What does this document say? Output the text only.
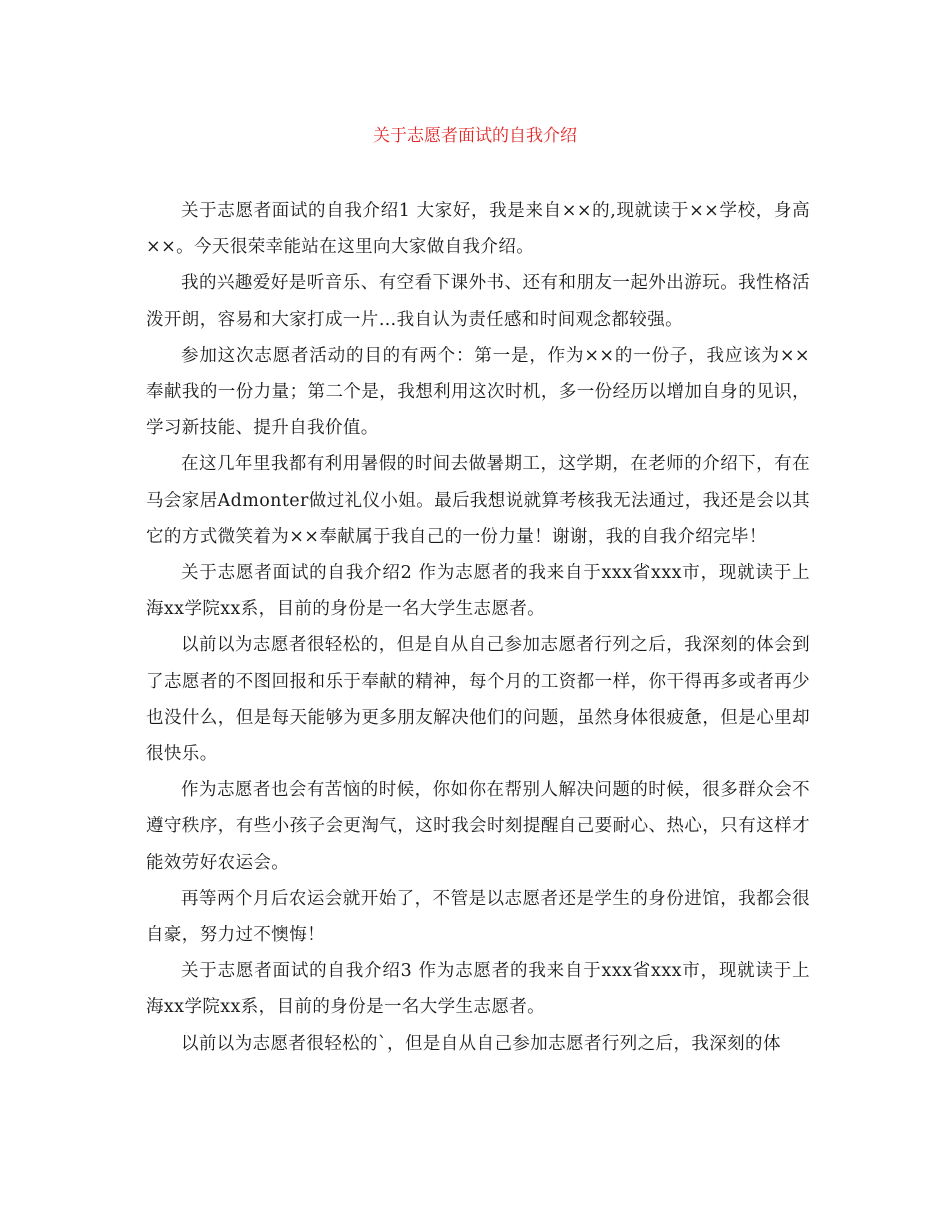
关于志愿者面试的自我介绍

关于志愿者面试的自我介绍1 大家好，我是来自××的,现就读于××学校，身高××。今天很荣幸能站在这里向大家做自我介绍。

我的兴趣爱好是听音乐、有空看下课外书、还有和朋友一起外出游玩。我性格活泼开朗，容易和大家打成一片…我自认为责任感和时间观念都较强。

参加这次志愿者活动的目的有两个：第一是，作为××的一份子，我应该为××奉献我的一份力量；第二个是，我想利用这次时机，多一份经历以增加自身的见识，学习新技能、提升自我价值。

在这几年里我都有利用暑假的时间去做暑期工，这学期，在老师的介绍下，有在马会家居Admonter做过礼仪小姐。最后我想说就算考核我无法通过，我还是会以其它的方式微笑着为××奉献属于我自己的一份力量！谢谢，我的自我介绍完毕！

关于志愿者面试的自我介绍2 作为志愿者的我来自于xxx省xxx市，现就读于上海xx学院xx系，目前的身份是一名大学生志愿者。

以前以为志愿者很轻松的，但是自从自己参加志愿者行列之后，我深刻的体会到了志愿者的不图回报和乐于奉献的精神，每个月的工资都一样，你干得再多或者再少也没什么，但是每天能够为更多朋友解决他们的问题，虽然身体很疲惫，但是心里却很快乐。

作为志愿者也会有苦恼的时候，你如你在帮别人解决问题的时候，很多群众会不遵守秩序，有些小孩子会更淘气，这时我会时刻提醒自己要耐心、热心，只有这样才能效劳好农运会。

再等两个月后农运会就开始了，不管是以志愿者还是学生的身份进馆，我都会很自豪，努力过不懊悔！

关于志愿者面试的自我介绍3 作为志愿者的我来自于xxx省xxx市，现就读于上海xx学院xx系，目前的身份是一名大学生志愿者。

以前以为志愿者很轻松的`，但是自从自己参加志愿者行列之后，我深刻的体
